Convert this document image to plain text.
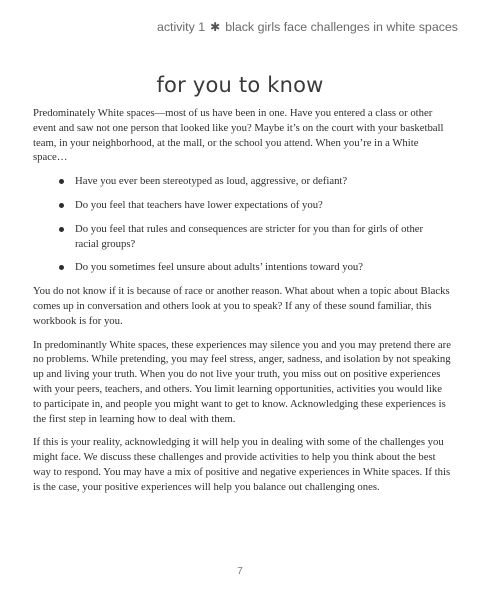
activity 1 ✱ black girls face challenges in white spaces
for you to know

Predominately White spaces—most of us have been in one. Have you entered a class or other event and saw not one person that looked like you? Maybe it’s on the court with your basketball team, in your neighborhood, at the mall, or the school you attend. When you’re in a White space…

Have you ever been stereotyped as loud, aggressive, or defiant?
Do you feel that teachers have lower expectations of you?
Do you feel that rules and consequences are stricter for you than for girls of other racial groups?
Do you sometimes feel unsure about adults’ intentions toward you?

You do not know if it is because of race or another reason. What about when a topic about Blacks comes up in conversation and others look at you to speak? If any of these sound familiar, this workbook is for you.

In predominantly White spaces, these experiences may silence you and you may pretend there are no problems. While pretending, you may feel stress, anger, sadness, and isolation by not speaking up and living your truth. When you do not live your truth, you miss out on positive experiences with your peers, teachers, and others. You limit learning opportunities, activities you would like to participate in, and people you might want to get to know. Acknowledging these experiences is the first step in learning how to deal with them.

If this is your reality, acknowledging it will help you in dealing with some of the challenges you might face. We discuss these challenges and provide activities to help you think about the best way to respond. You may have a mix of positive and negative experiences in White spaces. If this is the case, your positive experiences will help you balance out challenging ones.

7
